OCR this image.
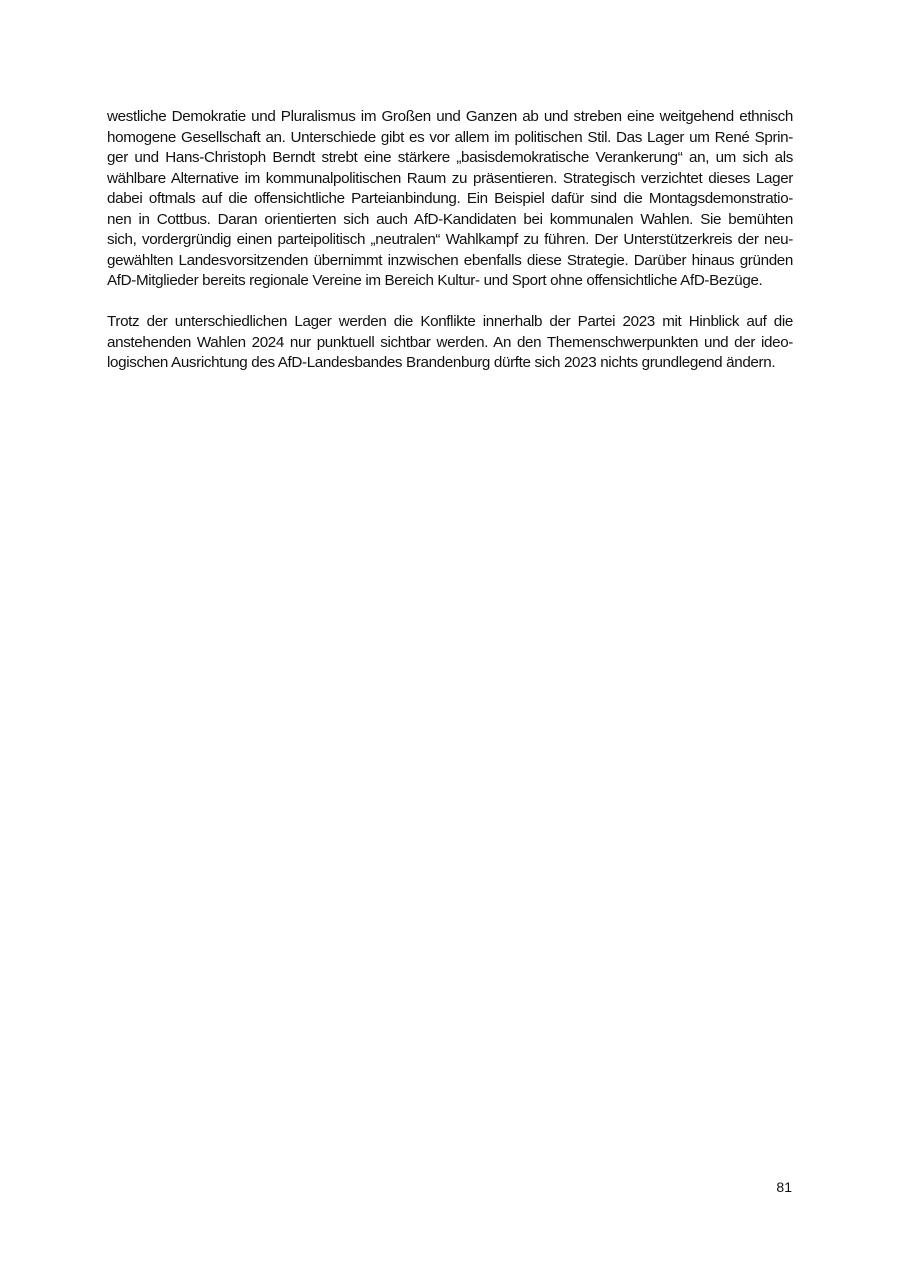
westliche Demokratie und Pluralismus im Großen und Ganzen ab und streben eine weitgehend ethnisch
homogene Gesellschaft an. Unterschiede gibt es vor allem im politischen Stil. Das Lager um René Sprin-
ger und Hans-Christoph Berndt strebt eine stärkere „basisdemokratische Verankerung“ an, um sich als
wählbare Alternative im kommunalpolitischen Raum zu präsentieren. Strategisch verzichtet dieses Lager
dabei oftmals auf die offensichtliche Parteianbindung. Ein Beispiel dafür sind die Montagsdemonstratio-
nen in Cottbus. Daran orientierten sich auch AfD-Kandidaten bei kommunalen Wahlen. Sie bemühten
sich, vordergründig einen parteipolitisch „neutralen“ Wahlkampf zu führen. Der Unterstützerkreis der neu-
gewählten Landesvorsitzenden übernimmt inzwischen ebenfalls diese Strategie. Darüber hinaus gründen
AfD-Mitglieder bereits regionale Vereine im Bereich Kultur- und Sport ohne offensichtliche AfD-Bezüge.
Trotz der unterschiedlichen Lager werden die Konflikte innerhalb der Partei 2023 mit Hinblick auf die
anstehenden Wahlen 2024 nur punktuell sichtbar werden. An den Themenschwerpunkten und der ideo-
logischen Ausrichtung des AfD-Landesbandes Brandenburg dürfte sich 2023 nichts grundlegend ändern.
81
